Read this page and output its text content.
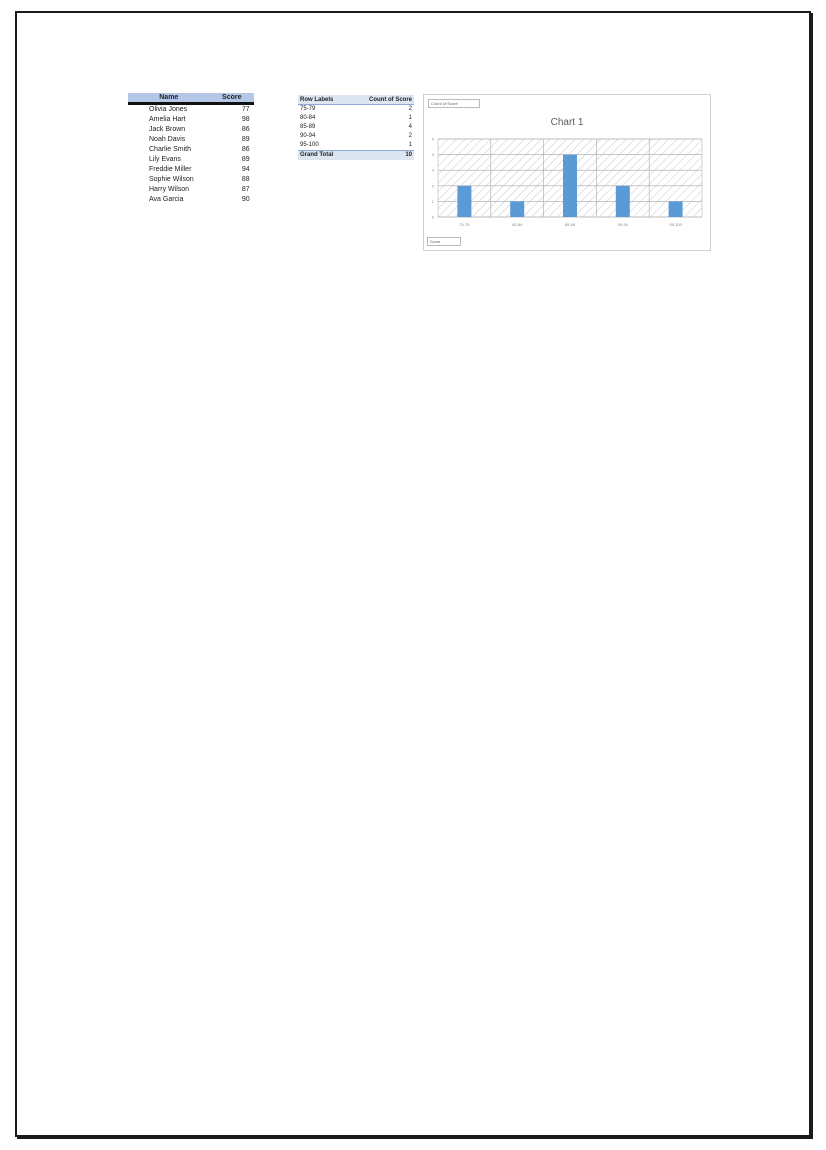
Name	Score
Olivia Jones	77
Amelia Hart	98
Jack Brown	86
Noah Davis	89
Charlie Smith	86
Lily Evans	89
Freddie Miller	94
Sophie Wilson	88
Harry Wilson	87
Ava Garcia	90
Row Labels	Count of Score
75-79	2
80-84	1
85-89	4
90-94	2
95-100	1
Grand Total	10
Count of Score
Chart 1
0
1
2
3
4
5
75-79	80-84	85-89	90-94	95-100
Score
